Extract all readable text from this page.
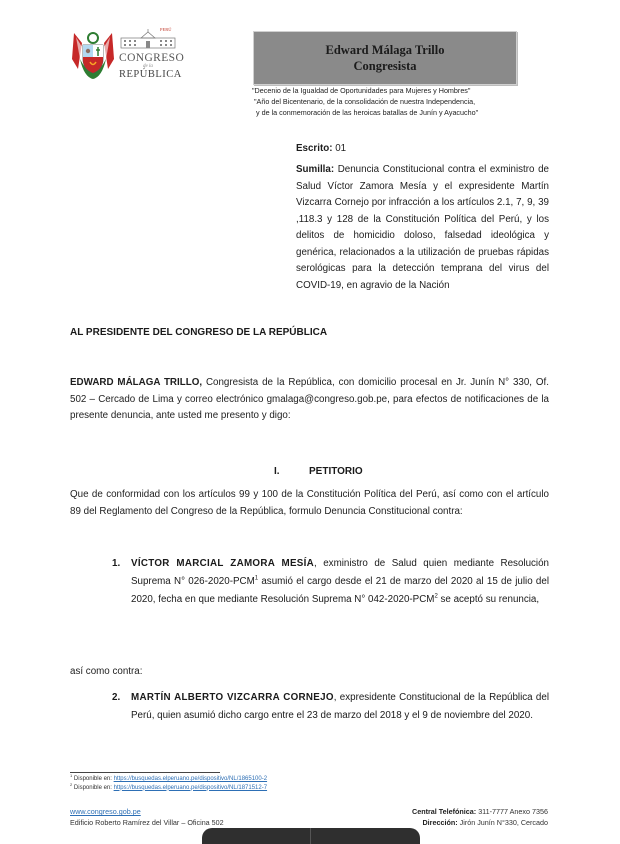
PERÚ
CONGRESO
de la
REPÚBLICA
Edward Málaga Trillo
Congresista
"Decenio de la Igualdad de Oportunidades para Mujeres y Hombres"
"Año del Bicentenario, de la consolidación de nuestra Independencia,
y de la conmemoración de las heroicas batallas de Junín y Ayacucho"
Escrito: 01
Sumilla: Denuncia Constitucional contra el exministro de Salud Víctor Zamora Mesía y el expresidente Martín Vizcarra Cornejo por infracción a los artículos 2.1, 7, 9, 39 ,118.3 y 128 de la Constitución Política del Perú, y los delitos de homicidio doloso, falsedad ideológica y genérica, relacionados a la utilización de pruebas rápidas serológicas para la detección temprana del virus del COVID-19, en agravio de la Nación
AL PRESIDENTE DEL CONGRESO DE LA REPÚBLICA
EDWARD MÁLAGA TRILLO, Congresista de la República, con domicilio procesal en Jr. Junín N° 330, Of. 502 – Cercado de Lima y correo electrónico gmalaga@congreso.gob.pe, para efectos de notificaciones de la presente denuncia, ante usted me presento y digo:
I.	PETITORIO
Que de conformidad con los artículos 99 y 100 de la Constitución Política del Perú, así como con el artículo 89 del Reglamento del Congreso de la República, formulo Denuncia Constitucional contra:
1. VÍCTOR MARCIAL ZAMORA MESÍA, exministro de Salud quien mediante Resolución Suprema N° 026-2020-PCM$^1$ asumió el cargo desde el 21 de marzo del 2020 al 15 de julio del 2020, fecha en que mediante Resolución Suprema N° 042-2020-PCM$^2$ se aceptó su renuncia,
así como contra:
2. MARTÍN ALBERTO VIZCARRA CORNEJO, expresidente Constitucional de la República del Perú, quien asumió dicho cargo entre el 23 de marzo del 2018 y el 9 de noviembre del 2020.
$^1$ Disponible en: https://busquedas.elperuano.pe/dispositivo/NL/1865100-2
$^2$ Disponible en: https://busquedas.elperuano.pe/dispositivo/NL/1871512-7
www.congreso.gob.pe
Edificio Roberto Ramírez del Villar – Oficina 502
Central Telefónica: 311-7777 Anexo 7356
Dirección: Jirón Junín N°330, Cercado
